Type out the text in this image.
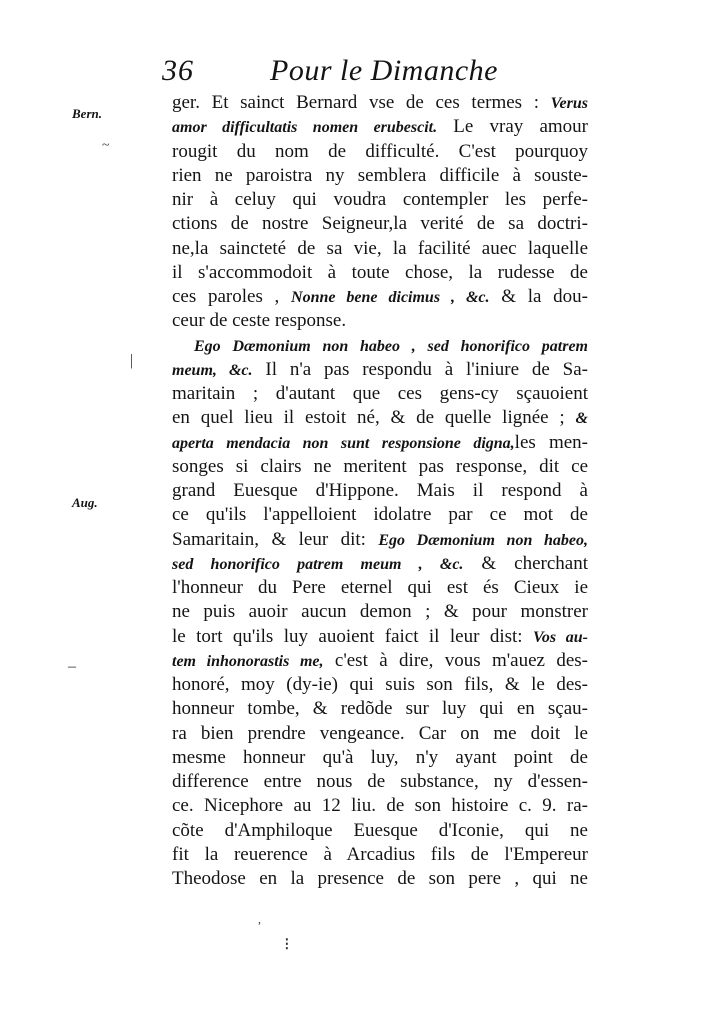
36	Pour le Dimanche
Bern.
Aug.
~
|
–
,
⁝
ger. Et sainct Bernard vse de ces termes : Verus
amor difficultatis nomen erubescit. Le vray amour
rougit du nom de difficulté. C'est pourquoy
rien ne paroistra ny semblera difficile à souste-
nir à celuy qui voudra contempler les perfe-
ctions de nostre Seigneur,la verité de sa doctri-
ne,la saincteté de sa vie, la facilité auec laquelle
il s'accommodoit à toute chose, la rudesse de
ces paroles , Nonne bene dicimus , &c. & la dou-
ceur de ceste response.
Ego Dæmonium non habeo , sed honorifico patrem
meum, &c. Il n'a pas respondu à l'iniure de Sa-
maritain ; d'autant que ces gens-cy sçauoient
en quel lieu il estoit né, & de quelle lignée ; &
aperta mendacia non sunt responsione digna,les men-
songes si clairs ne meritent pas response, dit ce
grand Euesque d'Hippone. Mais il respond à
ce qu'ils l'appelloient idolatre par ce mot de
Samaritain, & leur dit: Ego Dæmonium non habeo,
sed honorifico patrem meum , &c. & cherchant
l'honneur du Pere eternel qui est és Cieux ie
ne puis auoir aucun demon ; & pour monstrer
le tort qu'ils luy auoient faict il leur dist: Vos au-
tem inhonorastis me, c'est à dire, vous m'auez des-
honoré, moy (dy-ie) qui suis son fils, & le des-
honneur tombe, & redõde sur luy qui en sçau-
ra bien prendre vengeance. Car on me doit le
mesme honneur qu'à luy, n'y ayant point de
difference entre nous de substance, ny d'essen-
ce. Nicephore au 12 liu. de son histoire c. 9. ra-
cõte d'Amphiloque Euesque d'Iconie, qui ne
fit la reuerence à Arcadius fils de l'Empereur
Theodose en la presence de son pere , qui ne
